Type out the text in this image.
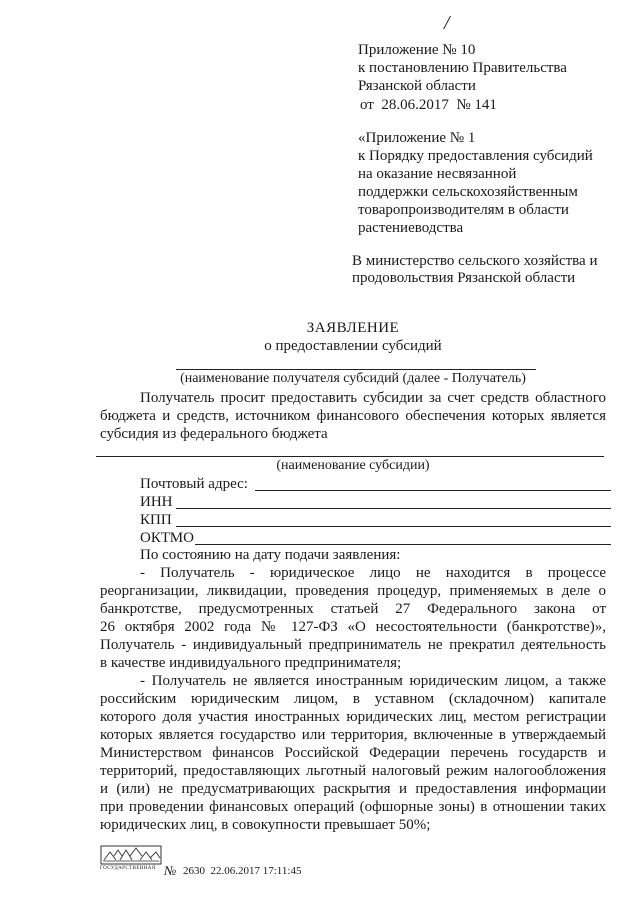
/
Приложение № 10
к постановлению Правительства
Рязанской области
от  28.06.2017  № 141
«Приложение № 1
к Порядку предоставления субсидий
на оказание несвязанной
поддержки сельскохозяйственным
товаропроизводителям в области
растениеводства
В министерство сельского хозяйства и
продовольствия Рязанской области
ЗАЯВЛЕНИЕ
о предоставлении субсидий
(наименование получателя субсидий (далее - Получатель)
Получатель просит предоставить субсидии за счет средств областного
бюджета и средств, источником финансового обеспечения которых является
субсидия из федерального бюджета
(наименование субсидии)
Почтовый адрес:
ИНН
КПП
ОКТМО
По состоянию на дату подачи заявления:
- Получатель - юридическое лицо не находится в процессе
реорганизации, ликвидации, проведения процедур, применяемых в деле о
банкротстве, предусмотренных статьей 27 Федерального закона от
26 октября 2002 года № 127-ФЗ «О несостоятельности (банкротстве)»,
Получатель - индивидуальный предприниматель не прекратил деятельность
в качестве индивидуального предпринимателя;
- Получатель не является иностранным юридическим лицом, а также
российским юридическим лицом, в уставном (складочном) капитале
которого доля участия иностранных юридических лиц, местом регистрации
которых является государство или территория, включенные в утверждаемый
Министерством финансов Российской Федерации перечень государств и
территорий, предоставляющих льготный налоговый режим налогообложения
и (или) не предусматривающих раскрытия и предоставления информации
при проведении финансовых операций (офшорные зоны) в отношении таких
юридических лиц, в совокупности превышает 50%;
ГОСУДАРСТВЕННАЯ № 2630  22.06.2017 17:11:45
